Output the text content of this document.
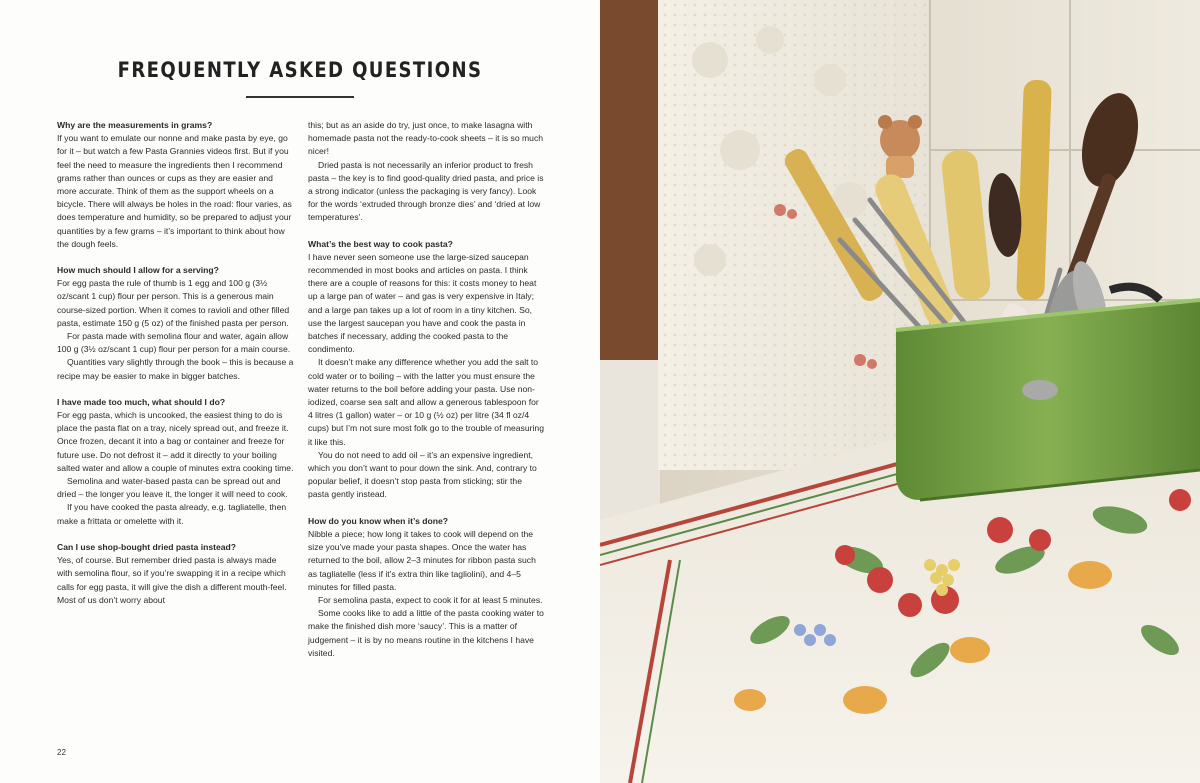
FREQUENTLY ASKED QUESTIONS

Why are the measurements in grams?

If you want to emulate our nonne and make pasta by eye, go for it – but watch a few Pasta Grannies videos first. But if you feel the need to measure the ingredients then I recommend grams rather than ounces or cups as they are easier and more accurate. Think of them as the support wheels on a bicycle. There will always be holes in the road: flour varies, as does temperature and humidity, so be prepared to adjust your quantities by a few grams – it’s important to think about how the dough feels.

How much should I allow for a serving?

For egg pasta the rule of thumb is 1 egg and 100 g (3½ oz/scant 1 cup) flour per person. This is a generous main course-sized portion. When it comes to ravioli and other filled pasta, estimate 150 g (5 oz) of the finished pasta per person.

For pasta made with semolina flour and water, again allow 100 g (3½ oz/scant 1 cup) flour per person for a main course.

Quantities vary slightly through the book – this is because a recipe may be easier to make in bigger batches.

I have made too much, what should I do?

For egg pasta, which is uncooked, the easiest thing to do is place the pasta flat on a tray, nicely spread out, and freeze it. Once frozen, decant it into a bag or container and freeze for future use. Do not defrost it – add it directly to your boiling salted water and allow a couple of minutes extra cooking time.

Semolina and water-based pasta can be spread out and dried – the longer you leave it, the longer it will need to cook.

If you have cooked the pasta already, e.g. tagliatelle, then make a frittata or omelette with it.

Can I use shop-bought dried pasta instead?

Yes, of course. But remember dried pasta is always made with semolina flour, so if you’re swapping it in a recipe which calls for egg pasta, it will give the dish a different mouth-feel. Most of us don’t worry about

this; but as an aside do try, just once, to make lasagna with homemade pasta not the ready-to-cook sheets – it is so much nicer!

Dried pasta is not necessarily an inferior product to fresh pasta – the key is to find good-quality dried pasta, and price is a strong indicator (unless the packaging is very fancy). Look for the words ‘extruded through bronze dies’ and ‘dried at low temperatures’.

What’s the best way to cook pasta?

I have never seen someone use the large-sized saucepan recommended in most books and articles on pasta. I think there are a couple of reasons for this: it costs money to heat up a large pan of water – and gas is very expensive in Italy; and a large pan takes up a lot of room in a tiny kitchen. So, use the largest saucepan you have and cook the pasta in batches if necessary, adding the cooked pasta to the condimento.

It doesn’t make any difference whether you add the salt to cold water or to boiling – with the latter you must ensure the water returns to the boil before adding your pasta. Use non-iodized, coarse sea salt and allow a generous tablespoon for 4 litres (1 gallon) water – or 10 g (½ oz) per litre (34 fl oz/4 cups) but I’m not sure most folk go to the trouble of measuring it like this.

You do not need to add oil – it’s an expensive ingredient, which you don’t want to pour down the sink. And, contrary to popular belief, it doesn’t stop pasta from sticking; stir the pasta gently instead.

How do you know when it’s done?

Nibble a piece; how long it takes to cook will depend on the size you’ve made your pasta shapes. Once the water has returned to the boil, allow 2–3 minutes for ribbon pasta such as tagliatelle (less if it’s extra thin like tagliolini), and 4–5 minutes for filled pasta.

For semolina pasta, expect to cook it for at least 5 minutes.

Some cooks like to add a little of the pasta cooking water to make the finished dish more ‘saucy’. This is a matter of judgement – it is by no means routine in the kitchens I have visited.

22
